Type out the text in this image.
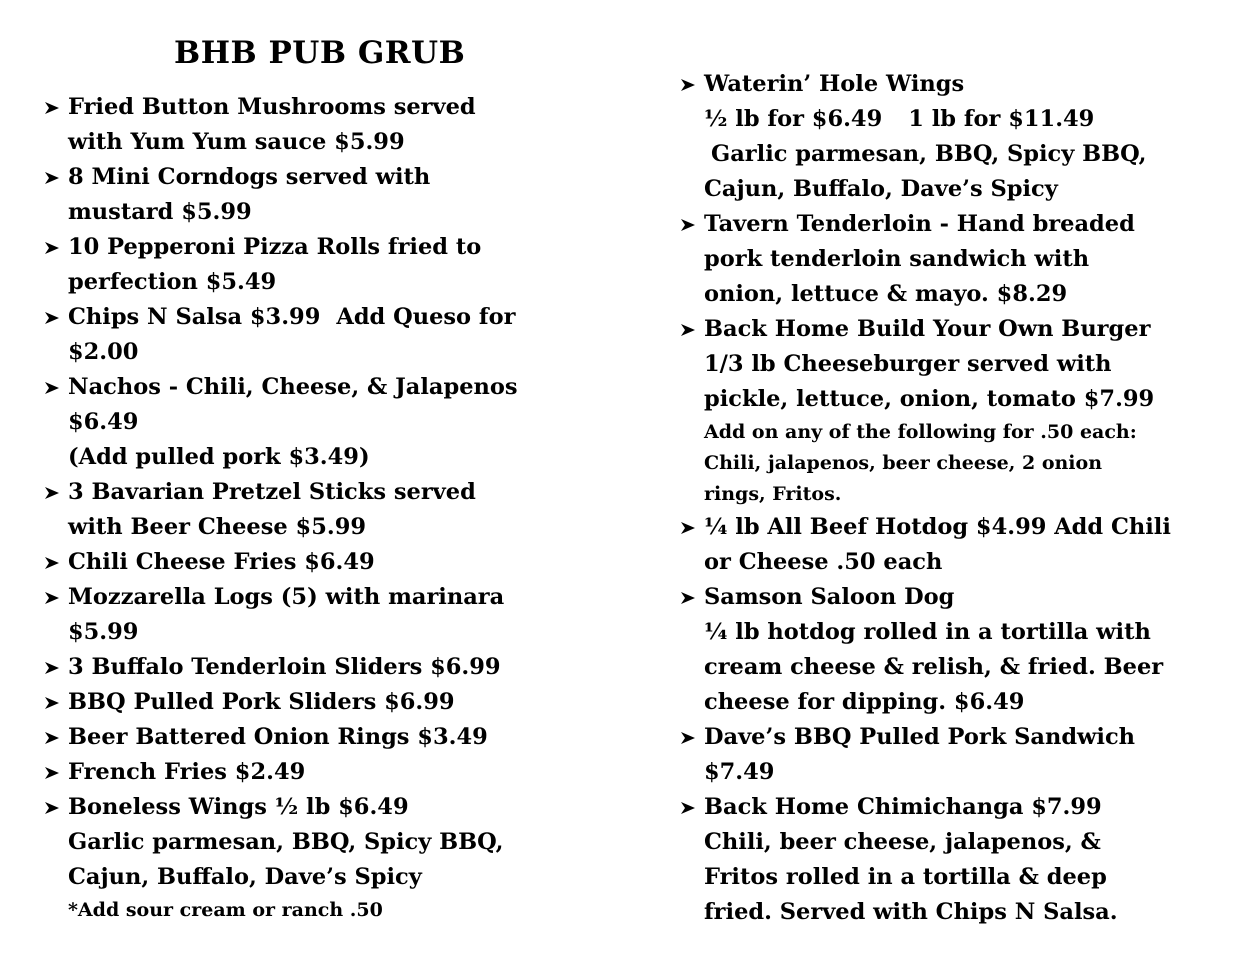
BHB PUB GRUB
Fried Button Mushrooms served
with Yum Yum sauce $5.99
8 Mini Corndogs served with
mustard $5.99
10 Pepperoni Pizza Rolls fried to
perfection $5.49
Chips N Salsa $3.99 Add Queso for
$2.00
Nachos - Chili, Cheese, & Jalapenos
$6.49
(Add pulled pork $3.49)
3 Bavarian Pretzel Sticks served
with Beer Cheese $5.99
Chili Cheese Fries $6.49
Mozzarella Logs (5) with marinara
$5.99
3 Buffalo Tenderloin Sliders $6.99
BBQ Pulled Pork Sliders $6.99
Beer Battered Onion Rings $3.49
French Fries $2.49
Boneless Wings ½ lb $6.49
Garlic parmesan, BBQ, Spicy BBQ,
Cajun, Buffalo, Dave’s Spicy
*Add sour cream or ranch .50
Waterin’ Hole Wings
½ lb for $6.49 1 lb for $11.49
Garlic parmesan, BBQ, Spicy BBQ,
Cajun, Buffalo, Dave’s Spicy
Tavern Tenderloin - Hand breaded
pork tenderloin sandwich with
onion, lettuce & mayo. $8.29
Back Home Build Your Own Burger
1/3 lb Cheeseburger served with
pickle, lettuce, onion, tomato $7.99
Add on any of the following for .50 each:
Chili, jalapenos, beer cheese, 2 onion
rings, Fritos.
¼ lb All Beef Hotdog $4.99 Add Chili
or Cheese .50 each
Samson Saloon Dog
¼ lb hotdog rolled in a tortilla with
cream cheese & relish, & fried. Beer
cheese for dipping. $6.49
Dave’s BBQ Pulled Pork Sandwich
$7.49
Back Home Chimichanga $7.99
Chili, beer cheese, jalapenos, &
Fritos rolled in a tortilla & deep
fried. Served with Chips N Salsa.
